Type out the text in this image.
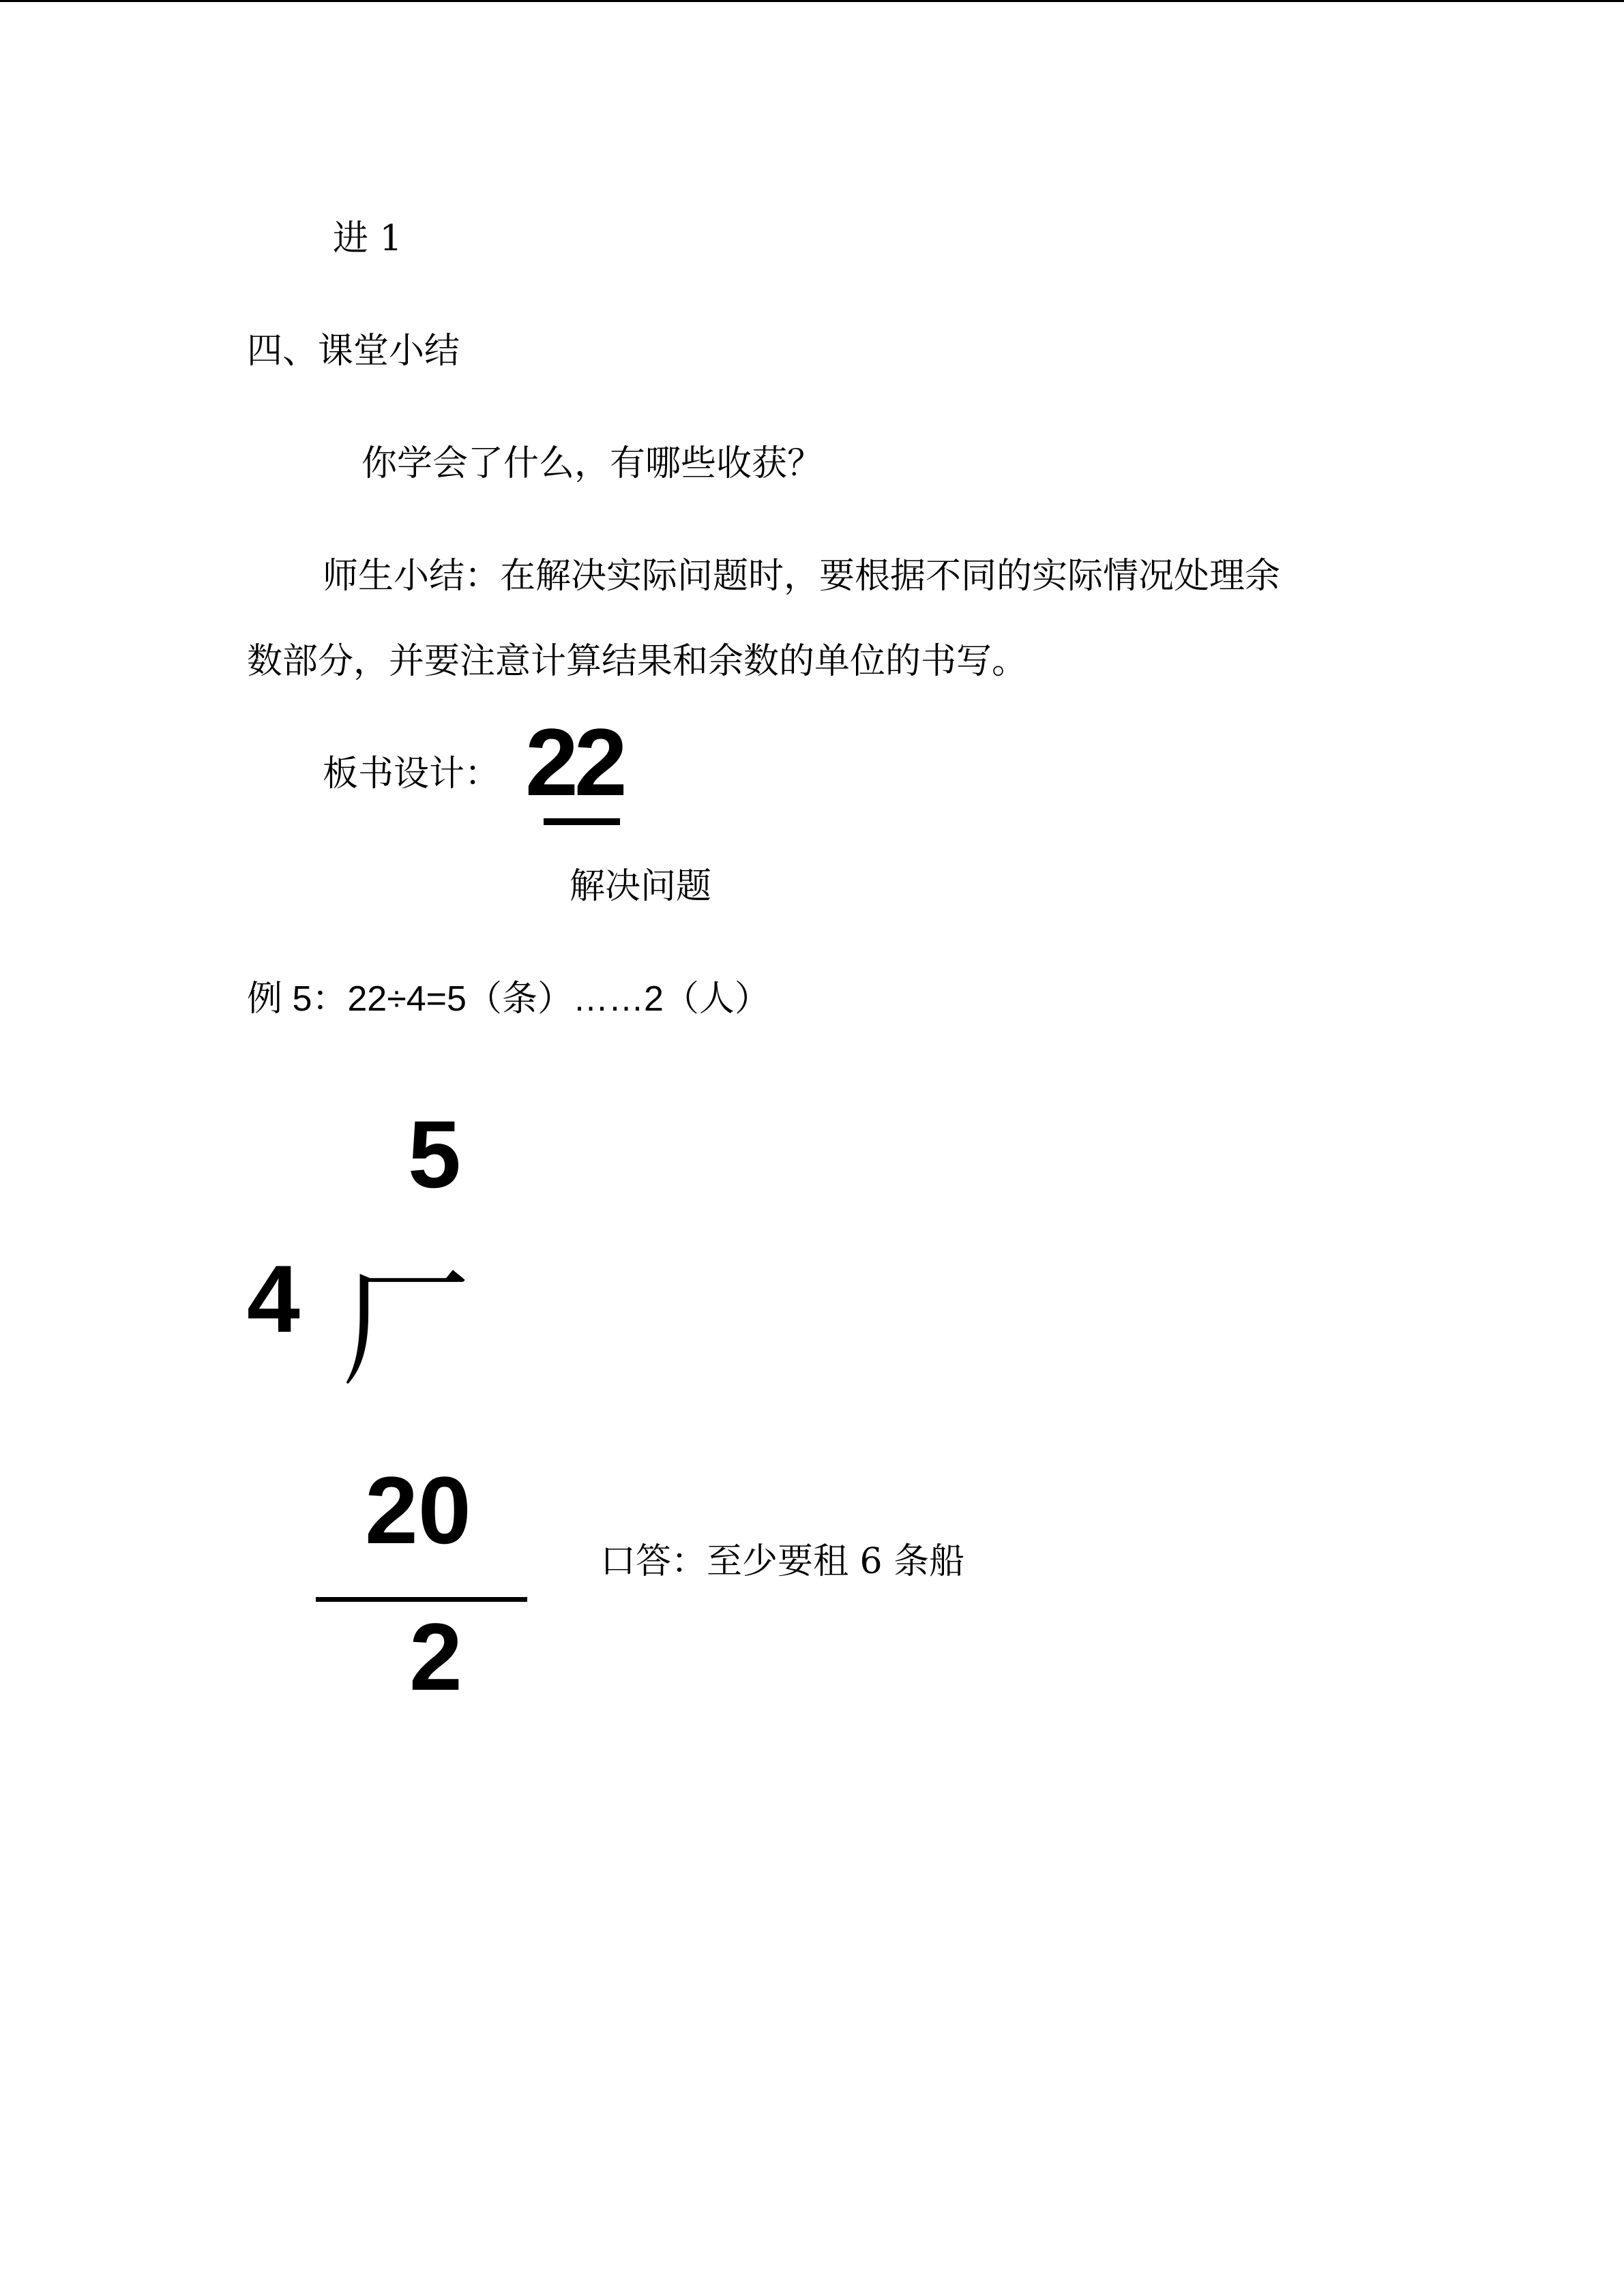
进 1
四、课堂小结
你学会了什么，有哪些收获？
师生小结：在解决实际问题时，要根据不同的实际情况处理余
数部分，并要注意计算结果和余数的单位的书写。
板书设计： 22
解决问题
例 5：22÷4=5（条）……2（人）
5
4 厂
20
2
口答：至少要租 6 条船
